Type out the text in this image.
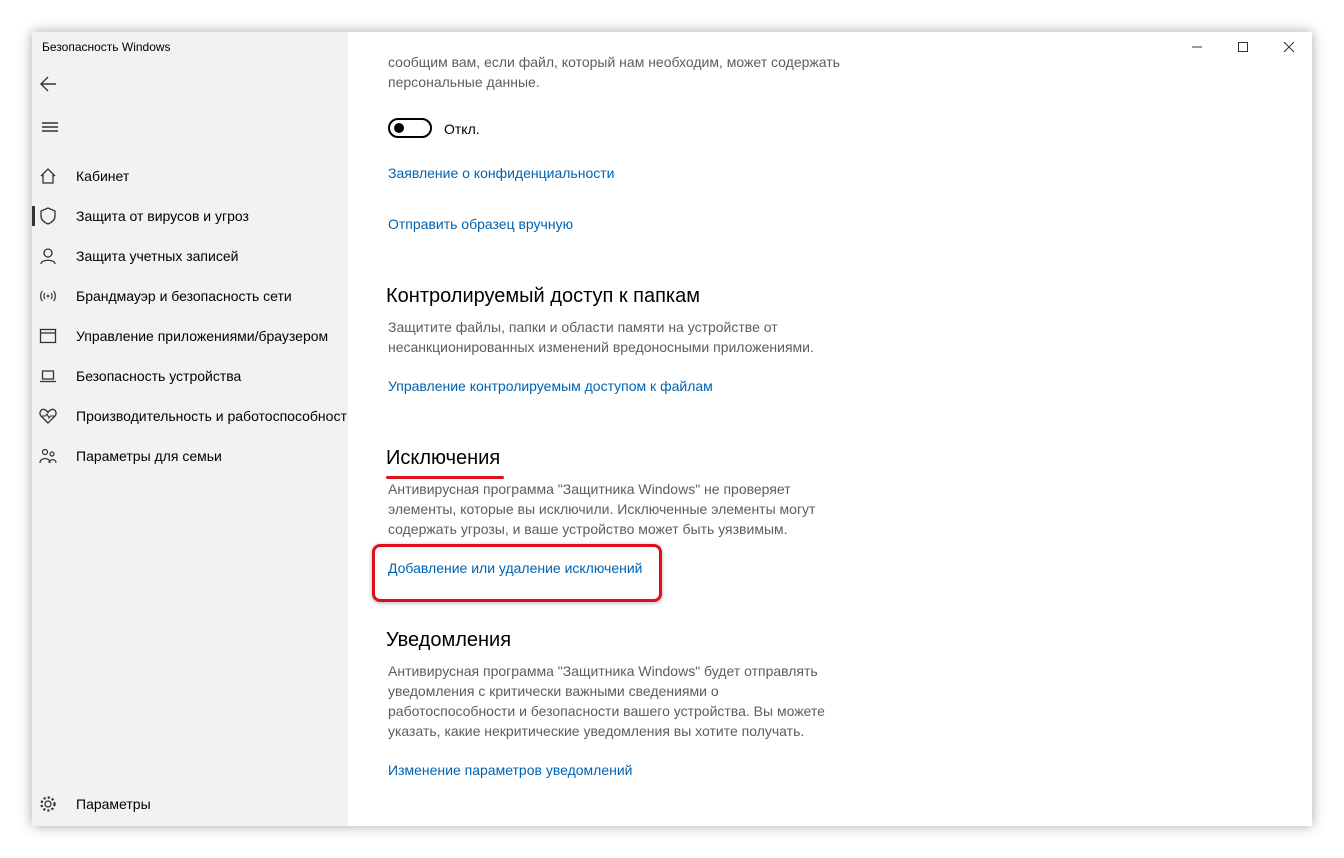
Безопасность Windows
Кабинет
Защита от вирусов и угроз
Защита учетных записей
Брандмауэр и безопасность сети
Управление приложениями/браузером
Безопасность устройства
Производительность и работоспособност
Параметры для семьи
Параметры
сообщим вам, если файл, который нам необходим, может содержать
персональные данные.
Откл.
Заявление о конфиденциальности
Отправить образец вручную
Контролируемый доступ к папкам
Защитите файлы, папки и области памяти на устройстве от
несанкционированных изменений вредоносными приложениями.
Управление контролируемым доступом к файлам
Исключения
Антивирусная программа "Защитника Windows" не проверяет
элементы, которые вы исключили. Исключенные элементы могут
содержать угрозы, и ваше устройство может быть уязвимым.
Добавление или удаление исключений
Уведомления
Антивирусная программа "Защитника Windows" будет отправлять
уведомления с критически важными сведениями о
работоспособности и безопасности вашего устройства. Вы можете
указать, какие некритические уведомления вы хотите получать.
Изменение параметров уведомлений
